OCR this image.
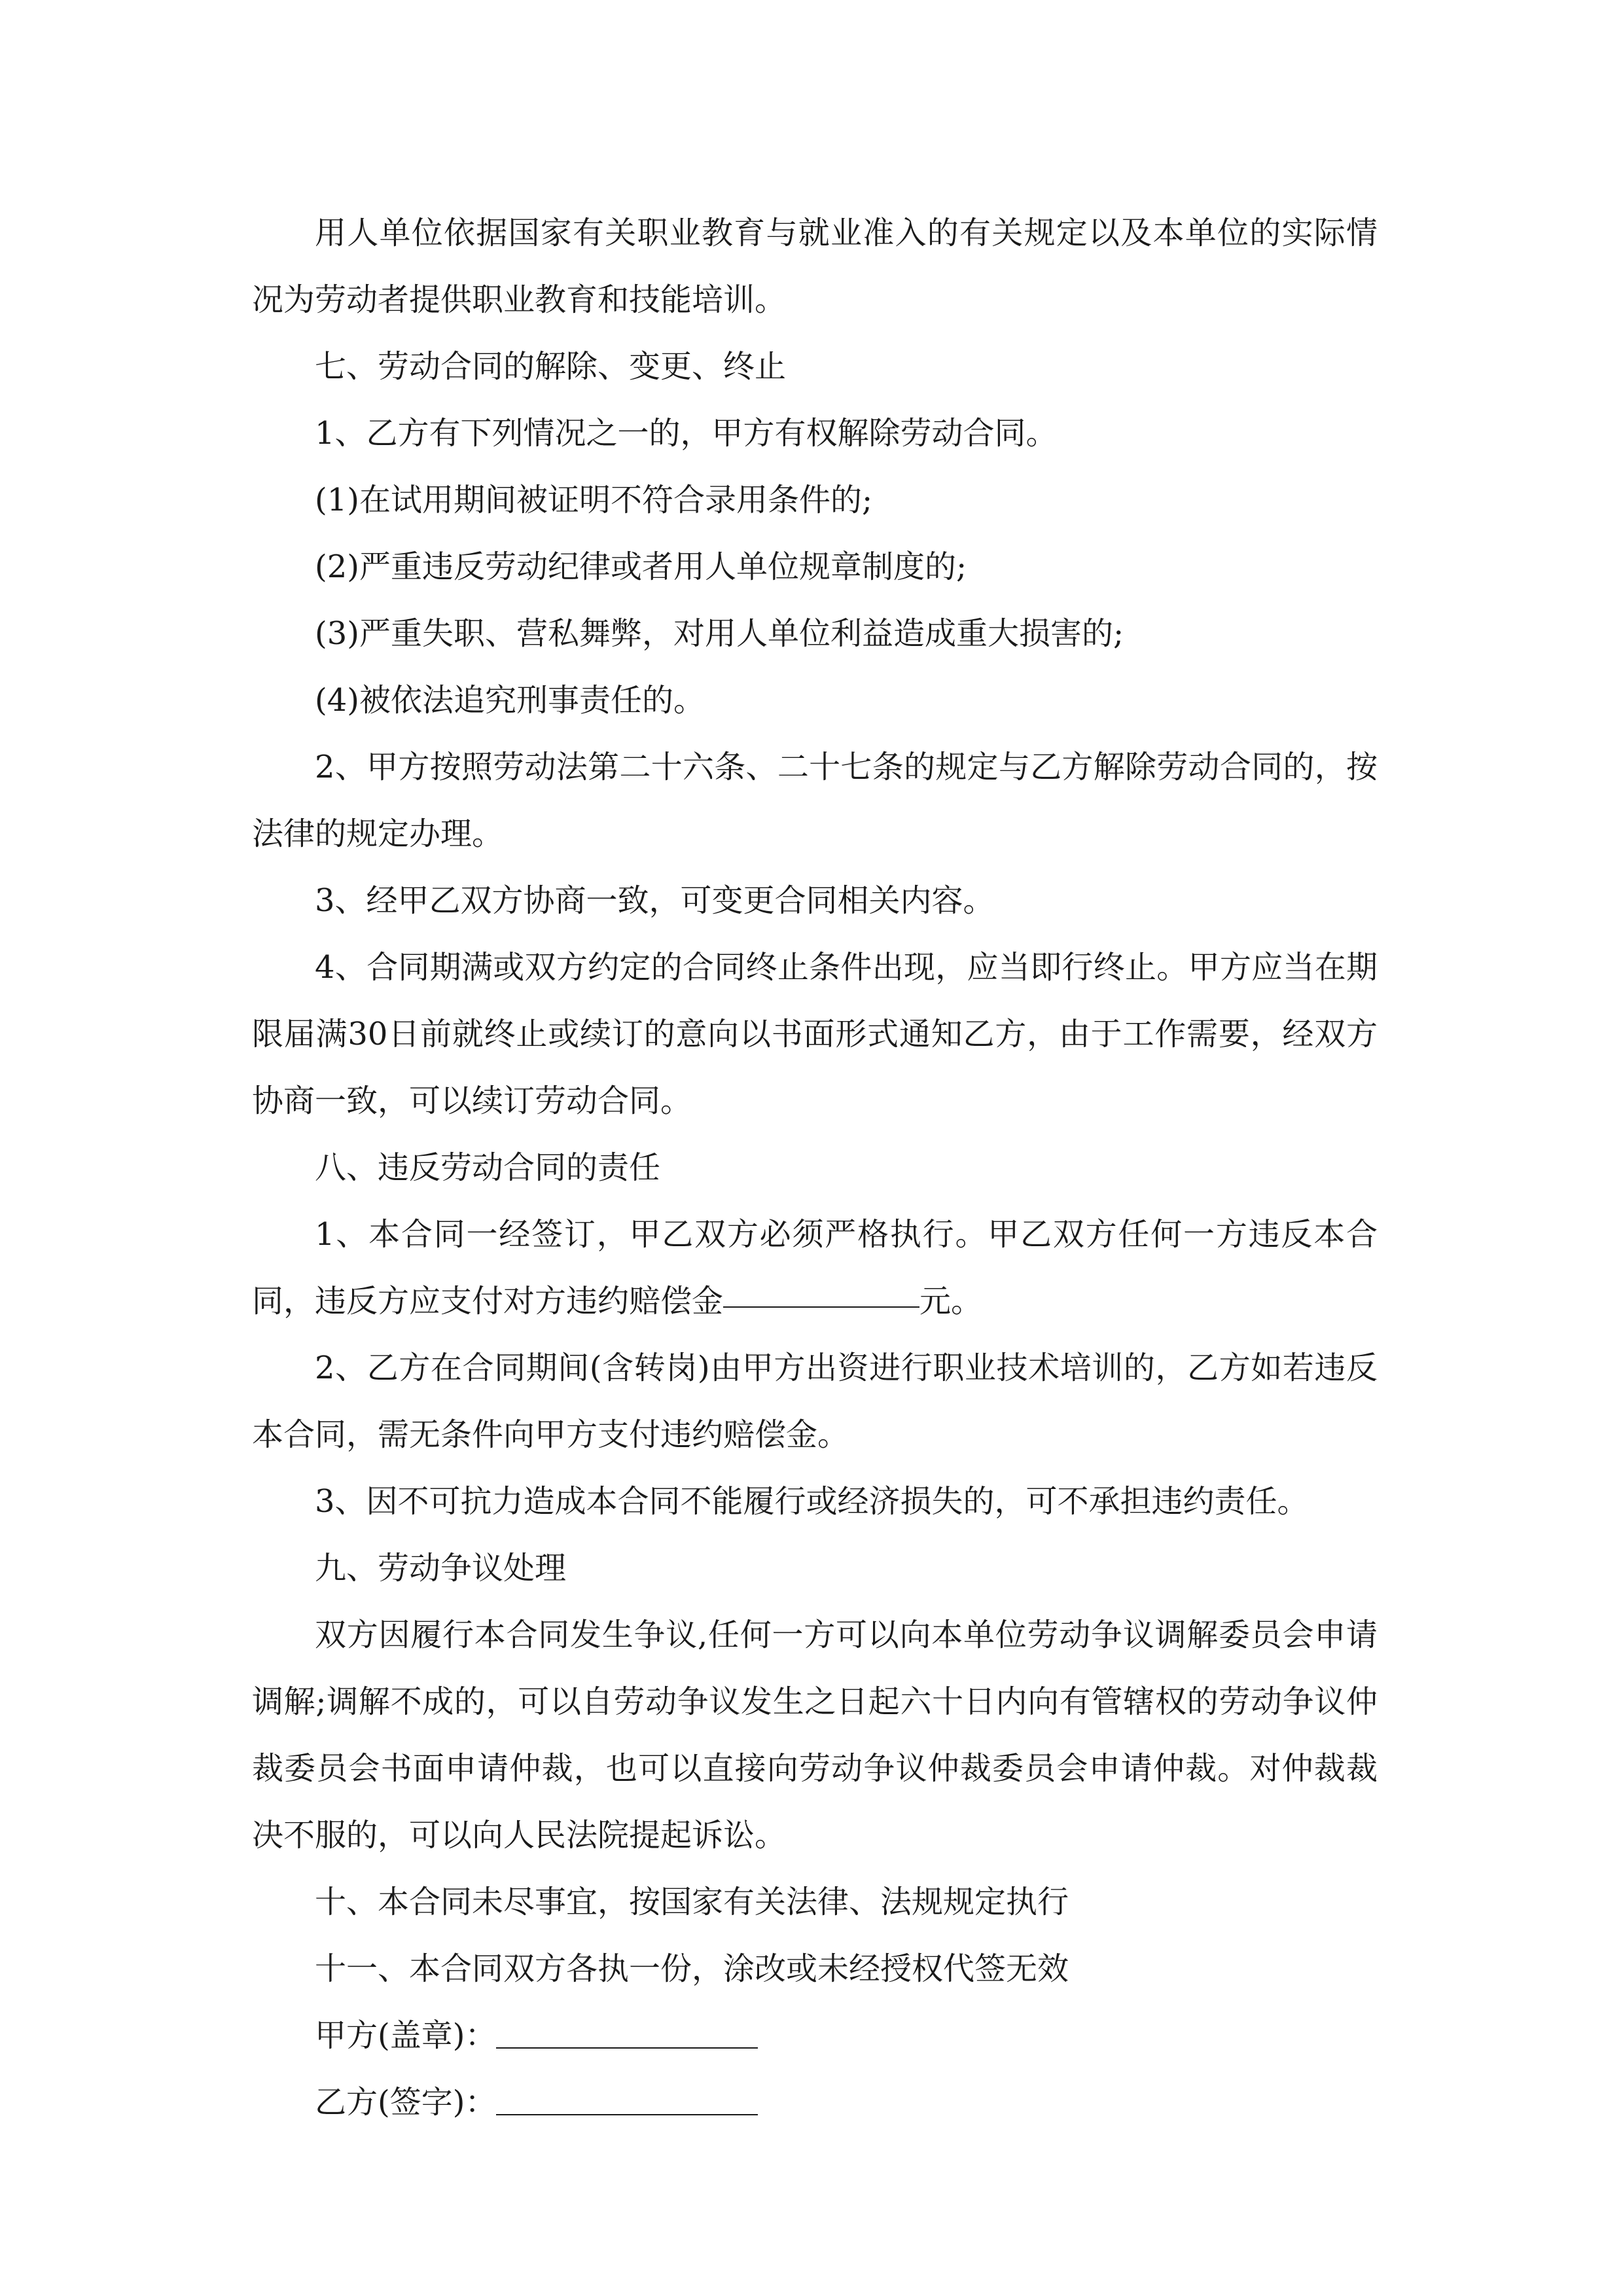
用人单位依据国家有关职业教育与就业准入的有关规定以及本单位的实际情况为劳动者提供职业教育和技能培训。

七、劳动合同的解除、变更、终止

1、乙方有下列情况之一的，甲方有权解除劳动合同。

(1)在试用期间被证明不符合录用条件的;

(2)严重违反劳动纪律或者用人单位规章制度的;

(3)严重失职、营私舞弊，对用人单位利益造成重大损害的;

(4)被依法追究刑事责任的。

2、甲方按照劳动法第二十六条、二十七条的规定与乙方解除劳动合同的，按法律的规定办理。

3、经甲乙双方协商一致，可变更合同相关内容。

4、合同期满或双方约定的合同终止条件出现，应当即行终止。甲方应当在期限届满30日前就终止或续订的意向以书面形式通知乙方，由于工作需要，经双方协商一致，可以续订劳动合同。

八、违反劳动合同的责任

1、本合同一经签订，甲乙双方必须严格执行。甲乙双方任何一方违反本合同，违反方应支付对方违约赔偿金	元。

2、乙方在合同期间(含转岗)由甲方出资进行职业技术培训的，乙方如若违反本合同，需无条件向甲方支付违约赔偿金。

3、因不可抗力造成本合同不能履行或经济损失的，可不承担违约责任。

九、劳动争议处理

双方因履行本合同发生争议,任何一方可以向本单位劳动争议调解委员会申请调解;调解不成的，可以自劳动争议发生之日起六十日内向有管辖权的劳动争议仲裁委员会书面申请仲裁，也可以直接向劳动争议仲裁委员会申请仲裁。对仲裁裁决不服的，可以向人民法院提起诉讼。

十、本合同未尽事宜，按国家有关法律、法规规定执行

十一、本合同双方各执一份，涂改或未经授权代签无效

甲方(盖章)：

乙方(签字)：
